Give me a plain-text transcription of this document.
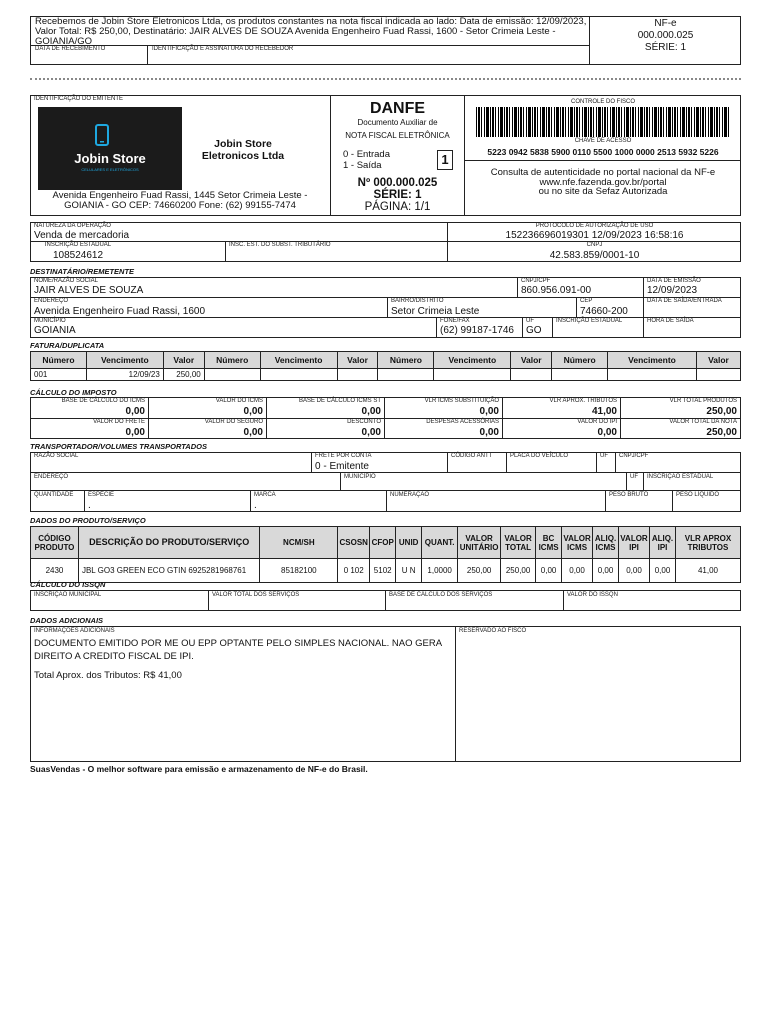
Recebemos de Jobin Store Eletronicos Ltda, os produtos constantes na nota fiscal indicada ao lado: Data de emissão: 12/09/2023, Valor Total: R$ 250,00, Destinatário: JAIR ALVES DE SOUZA Avenida Engenheiro Fuad Rassi, 1600 - Setor Crimeia Leste - GOIANIA/GO
DATA DE RECEBIMENTO	IDENTIFICAÇÃO E ASSINATURA DO RECEBEDOR
NF-e
000.000.025
SÉRIE: 1
IDENTIFICAÇÃO DO EMITENTE
Jobin Store
CELULARES E ELETRÔNICOS
Jobin Store Eletronicos Ltda
Avenida Engenheiro Fuad Rassi, 1445 Setor Crimeia Leste - GOIANIA - GO CEP: 74660200 Fone: (62) 99155-7474
DANFE
Documento Auxiliar de
NOTA FISCAL ELETRÔNICA
0 - Entrada
1 - Saída	1
Nº 000.000.025
SÉRIE: 1
PÁGINA: 1/1
CONTROLE DO FISCO
CHAVE DE ACESSO
5223 0942 5838 5900 0110 5500 1000 0000 2513 5932 5226
Consulta de autenticidade no portal nacional da NF-e
www.nfe.fazenda.gov.br/portal
ou no site da Sefaz Autorizada
NATUREZA DA OPERAÇÃO
Venda de mercadoria
PROTOCOLO DE AUTORIZAÇÃO DE USO
152236696019301 12/09/2023 16:58:16
INSCRIÇÃO ESTADUAL
108524612
INSC. EST. DO SUBST. TRIBUTÁRIO	CNPJ
42.583.859/0001-10
DESTINATÁRIO/REMETENTE
NOME/RAZÃO SOCIAL
JAIR ALVES DE SOUZA
CNPJ/CPF
860.956.091-00
DATA DE EMISSÃO
12/09/2023
ENDEREÇO
Avenida Engenheiro Fuad Rassi, 1600
BAIRRO/DISTRITO
Setor Crimeia Leste
CEP
74660-200
DATA DE SAÍDA/ENTRADA
MUNICÍPIO
GOIANIA
FONE/FAX
(62) 99187-1746
UF
GO
INSCRIÇÃO ESTADUAL	HORA DE SAÍDA
FATURA/DUPLICATA
Número	Vencimento	Valor	Número	Vencimento	Valor	Número	Vencimento	Valor	Número	Vencimento	Valor
001	12/09/23	250,00									
CÁLCULO DO IMPOSTO
BASE DE CÁLCULO DO ICMS
0,00
VALOR DO ICMS
0,00
BASE DE CÁLCULO ICMS ST
0,00
VLR ICMS SUBSTITUIÇÃO
0,00
VLR APROX. TRIBUTOS
41,00
VLR TOTAL PRODUTOS
250,00
VALOR DO FRETE
0,00
VALOR DO SEGURO
0,00
DESCONTO
0,00
DESPESAS ACESSÓRIAS
0,00
VALOR DO IPI
0,00
VALOR TOTAL DA NOTA
250,00
TRANSPORTADOR/VOLUMES TRANSPORTADOS
RAZÃO SOCIAL	FRETE POR CONTA
0 - Emitente
CÓDIGO ANTT	PLACA DO VEÍCULO	UF CNPJ/CPF
ENDEREÇO	MUNICÍPIO	UF INSCRIÇÃO ESTADUAL
QUANTIDADE ESPÉCIE
.
MARCA
.
NUMERAÇÃO	PESO BRUTO	PESO LÍQUIDO
DADOS DO PRODUTO/SERVIÇO
CÓDIGO PRODUTO	DESCRIÇÃO DO PRODUTO/SERVIÇO	NCM/SH	CSOSN	CFOP	UNID	QUANT.	VALOR UNITÁRIO	VALOR TOTAL	BC ICMS	VALOR ICMS	ALIQ. ICMS	VALOR IPI	ALIQ. IPI	VLR APROX TRIBUTOS
2430	JBL GO3 GREEN ECO GTIN 6925281968761	85182100	0 102	5102	U N	1,0000	250,00	250,00	0,00	0,00	0,00	0,00	0,00	41,00
CÁLCULO DO ISSQN
INSCRIÇÃO MUNICIPAL	VALOR TOTAL DOS SERVIÇOS	BASE DE CÁLCULO DOS SERVIÇOS	VALOR DO ISSQN
DADOS ADICIONAIS
INFORMAÇÕES ADICIONAIS
DOCUMENTO EMITIDO POR ME OU EPP OPTANTE PELO SIMPLES NACIONAL. NAO GERA DIREITO A CREDITO FISCAL DE IPI.
Total Aprox. dos Tributos: R$ 41,00
RESERVADO AO FISCO
SuasVendas - O melhor software para emissão e armazenamento de NF-e do Brasil.
